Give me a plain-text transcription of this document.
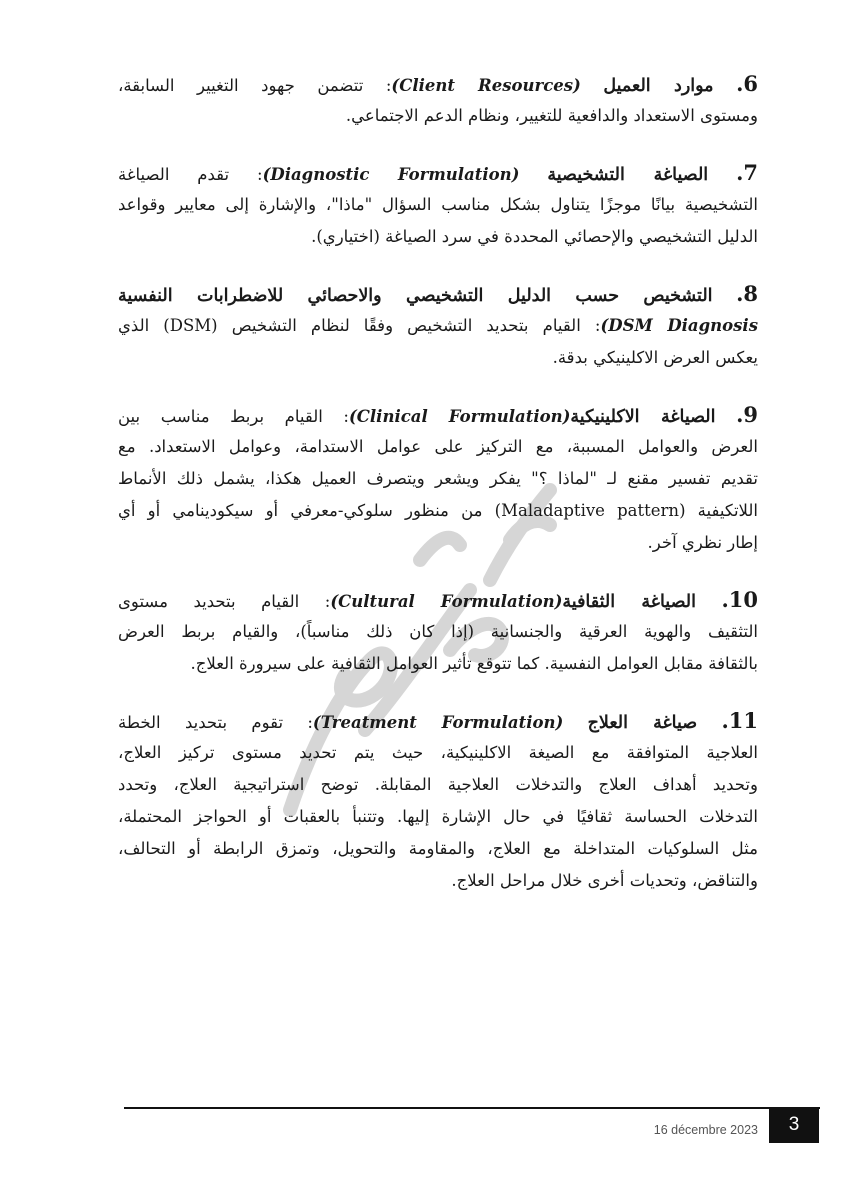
6. موارد العميل (Client Resources): تتضمن جهود التغيير السابقة،
ومستوى الاستعداد والدافعية للتغيير، ونظام الدعم الاجتماعي.
7. الصياغة التشخيصية (Diagnostic Formulation): تقدم الصياغة
التشخيصية بيانًا موجزًا يتناول بشكل مناسب السؤال "ماذا"، والإشارة إلى معايير وقواعد
الدليل التشخيصي والإحصائي المحددة في سرد الصياغة (اختياري).
8. التشخيص حسب الدليل التشخيصي والاحصائي للاضطرابات النفسية
(DSM Diagnosis: القيام بتحديد التشخيص وفقًا لنظام التشخيص (DSM) الذي
يعكس العرض الاكلينيكي بدقة.
9. الصياغة الاكلينيكية(Clinical Formulation): القيام بربط مناسب بين
العرض والعوامل المسببة، مع التركيز على عوامل الاستدامة، وعوامل الاستعداد. مع
تقديم تفسير مقنع لـ "لماذا ؟" يفكر ويشعر ويتصرف العميل هكذا، يشمل ذلك الأنماط
اللاتكيفية (Maladaptive pattern) من منظور سلوكي-معرفي أو سيكودينامي أو أي
إطار نظري آخر.
10. الصياغة الثقافية(Cultural Formulation): القيام بتحديد مستوى
التثقيف والهوية العرقية والجنسانية (إذا كان ذلك مناسباً)، والقيام بربط العرض
بالثقافة مقابل العوامل النفسية. كما تتوقع تأثير العوامل الثقافية على سيرورة العلاج.
11. صياغة العلاج (Treatment Formulation): تقوم بتحديد الخطة
العلاجية المتوافقة مع الصيغة الاكلينيكية، حيث يتم تحديد مستوى تركيز العلاج،
وتحديد أهداف العلاج والتدخلات العلاجية المقابلة. توضح استراتيجية العلاج، وتحدد
التدخلات الحساسة ثقافيًا في حال الإشارة إليها. وتتنبأ بالعقبات أو الحواجز المحتملة،
مثل السلوكيات المتداخلة مع العلاج، والمقاومة والتحويل، وتمزق الرابطة أو التحالف،
والتناقض، وتحديات أخرى خلال مراحل العلاج.
16 décembre 2023	3
